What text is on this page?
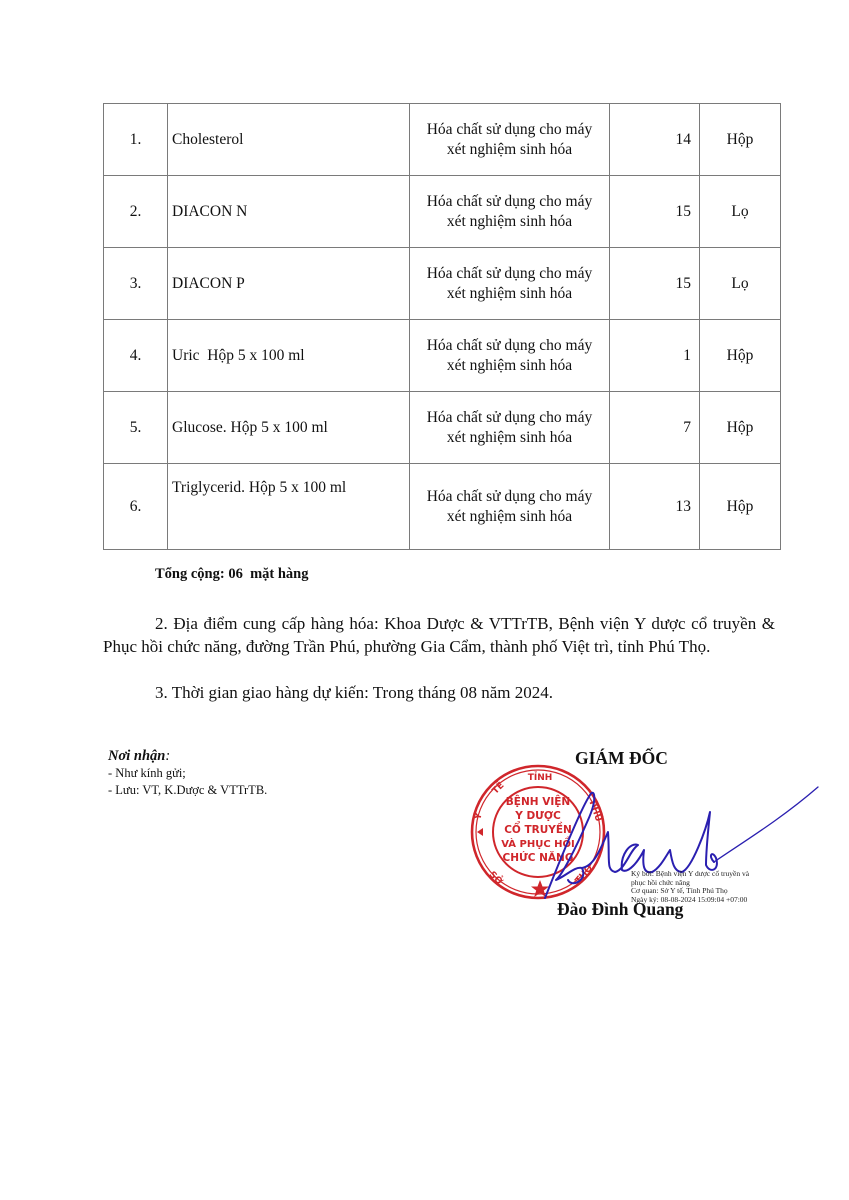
1.	Cholesterol	Hóa chất sử dụng cho máy
xét nghiệm sinh hóa	14	Hộp
2.	DIACON N	Hóa chất sử dụng cho máy
xét nghiệm sinh hóa	15	Lọ
3.	DIACON P	Hóa chất sử dụng cho máy
xét nghiệm sinh hóa	15	Lọ
4.	Uric  Hộp 5 x 100 ml	Hóa chất sử dụng cho máy
xét nghiệm sinh hóa	1	Hộp
5.	Glucose. Hộp 5 x 100 ml	Hóa chất sử dụng cho máy
xét nghiệm sinh hóa	7	Hộp
6.	Triglycerid. Hộp 5 x 100 ml	Hóa chất sử dụng cho máy
xét nghiệm sinh hóa	13	Hộp
Tổng cộng: 06  mặt hàng
2. Địa điểm cung cấp hàng hóa: Khoa Dược & VTTrTB, Bệnh viện Y dược cổ truyền & Phục hồi chức năng, đường Trần Phú, phường Gia Cẩm, thành phố Việt trì, tỉnh Phú Thọ.
3. Thời gian giao hàng dự kiến: Trong tháng 08 năm 2024.
Nơi nhận:
- Như kính gửi;
- Lưu: VT, K.Dược & VTTrTB.
GIÁM ĐỐC
TỈNH
PHÚ
TẾ
Y
SỞ	THỌ
BỆNH VIỆN
Y DƯỢC
CỔ TRUYỀN
VÀ PHỤC HỒI
CHỨC NĂNG
Ký bởi: Bệnh viện Y dược cổ truyền và
phục hồi chức năng
Cơ quan: Sở Y tế, Tỉnh Phú Thọ
Ngày ký: 08-08-2024 15:09:04 +07:00
Đào Đình Quang
